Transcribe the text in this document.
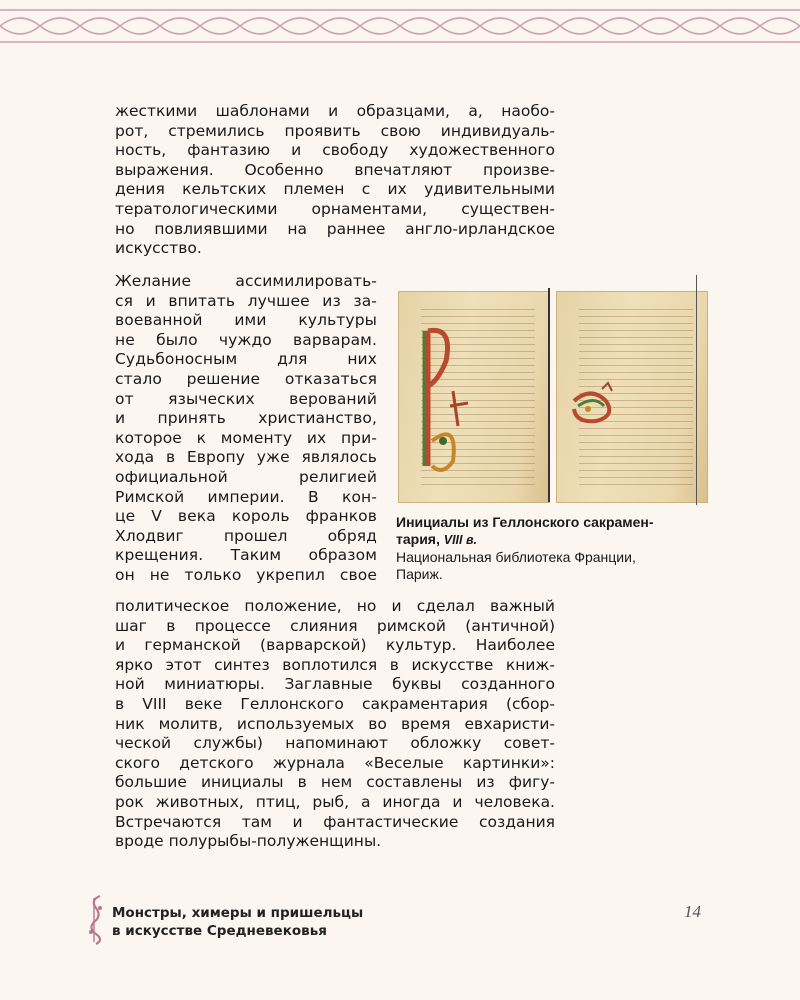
жесткими шаблонами и образцами, а, наобо-
рот, стремились проявить свою индивидуаль-
ность, фантазию и свободу художественного
выражения. Особенно впечатляют произве-
дения кельтских племен с их удивительными
тератологическими орнаментами, существен-
но повлиявшими на раннее англо-ирландское
искусство.
Желание ассимилировать-
ся и впитать лучшее из за-
воеванной ими культуры
не было чуждо варварам.
Судьбоносным для них
стало решение отказаться
от языческих верований
и принять христианство,
которое к моменту их при-
хода в Европу уже являлось
официальной религией
Римской империи. В кон-
це V века король франков
Хлодвиг прошел обряд
крещения. Таким образом
он не только укрепил свое
политическое положение, но и сделал важный
шаг в процессе слияния римской (античной)
и германской (варварской) культур. Наиболее
ярко этот синтез воплотился в искусстве книж-
ной миниатюры. Заглавные буквы созданного
в VIII веке Геллонского сакраментария (сбор-
ник молитв, используемых во время евхаристи-
ческой службы) напоминают обложку совет-
ского детского журнала «Веселые картинки»:
большие инициалы в нем составлены из фигу-
рок животных, птиц, рыб, а иногда и человека.
Встречаются там и фантастические создания
вроде полурыбы-полуженщины.
Инициалы из Геллонского сакрамен-
тария, VIII в.
Национальная библиотека Франции,
Париж.
Монстры, химеры и пришельцы
в искусстве Средневековья
14
